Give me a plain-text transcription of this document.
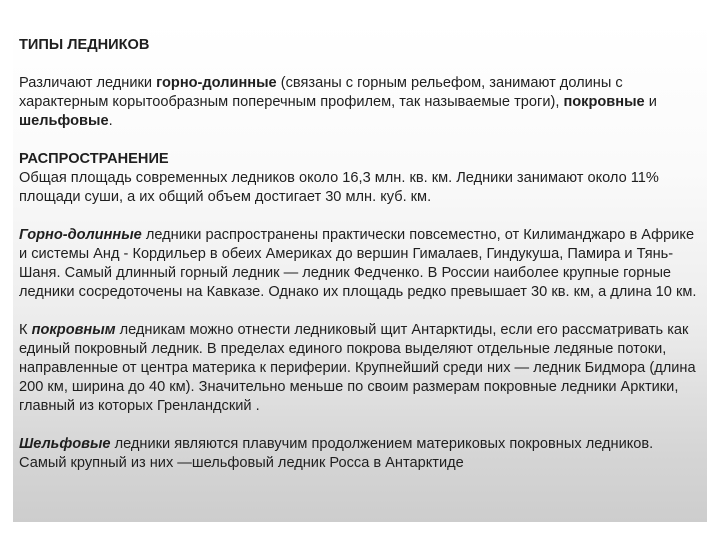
ТИПЫ ЛЕДНИКОВ

Различают ледники горно-долинные (связаны с горным рельефом, занимают долины с характерным корытообразным поперечным профилем, так называемые троги), покровные и шельфовые.

РАСПРОСТРАНЕНИЕ

Общая площадь современных ледников около 16,3 млн. кв. км. Ледники занимают около 11% площади суши, а их общий объем достигает 30 млн. куб. км.

Горно-долинные ледники распространены практически повсеместно, от Килиманджаро в Африке и системы Анд - Кордильер в обеих Америках до вершин Гималаев, Гиндукуша, Памира и Тянь-Шаня. Самый длинный горный ледник — ледник Федченко. В России наиболее крупные горные ледники сосредоточены на Кавказе. Однако их площадь редко превышает 30 кв. км, а длина 10 км.

К покровным ледникам можно отнести ледниковый щит Антарктиды, если его рассматривать как единый покровный ледник. В пределах единого покрова выделяют отдельные ледяные потоки, направленные от центра материка к периферии. Крупнейший среди них — ледник Бидмора (длина 200 км, ширина до 40 км). Значительно меньше по своим размерам покровные ледники Арктики, главный из которых Гренландский .

Шельфовые ледники являются плавучим продолжением материковых покровных ледников. Самый крупный из них —шельфовый ледник Росса в Антарктиде
